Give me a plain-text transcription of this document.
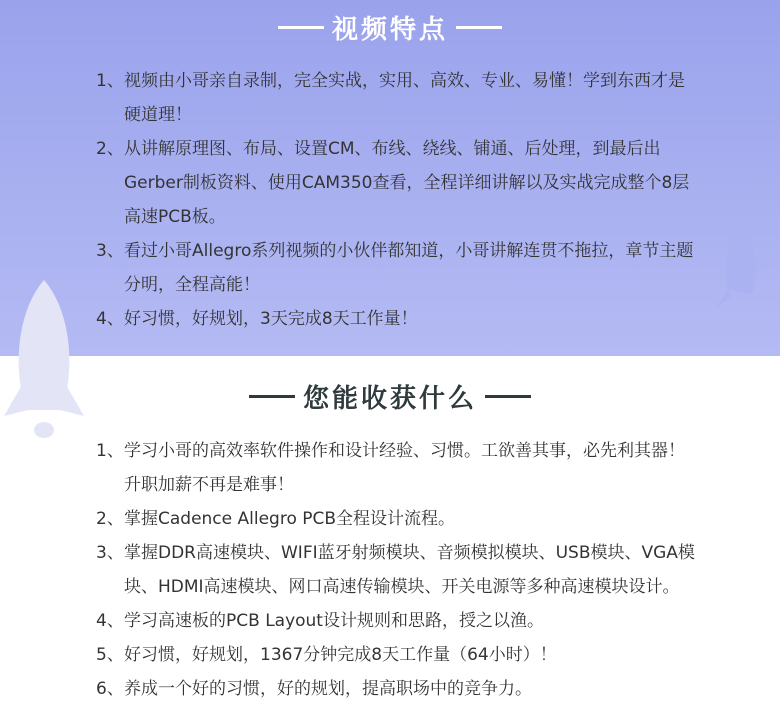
视频特点
1、 视频由小哥亲自录制，完全实战，实用、高效、专业、易懂！学到东西才是硬道理！
2、 从讲解原理图、布局、设置CM、布线、绕线、铺通、后处理，到最后出Gerber制板资料、使用CAM350查看，全程详细讲解以及实战完成整个8层高速PCB板。
3、 看过小哥Allegro系列视频的小伙伴都知道，小哥讲解连贯不拖拉，章节主题分明，全程高能！
4、 好习惯，好规划，3天完成8天工作量！
您能收获什么
1、 学习小哥的高效率软件操作和设计经验、习惯。工欲善其事，必先利其器！升职加薪不再是难事！
2、 掌握Cadence Allegro PCB全程设计流程。
3、 掌握DDR高速模块、WIFI蓝牙射频模块、音频模拟模块、USB模块、VGA模块、HDMI高速模块、网口高速传输模块、开关电源等多种高速模块设计。
4、 学习高速板的PCB Layout设计规则和思路，授之以渔。
5、 好习惯，好规划，1367分钟完成8天工作量（64小时）！
6、 养成一个好的习惯，好的规划，提高职场中的竞争力。
